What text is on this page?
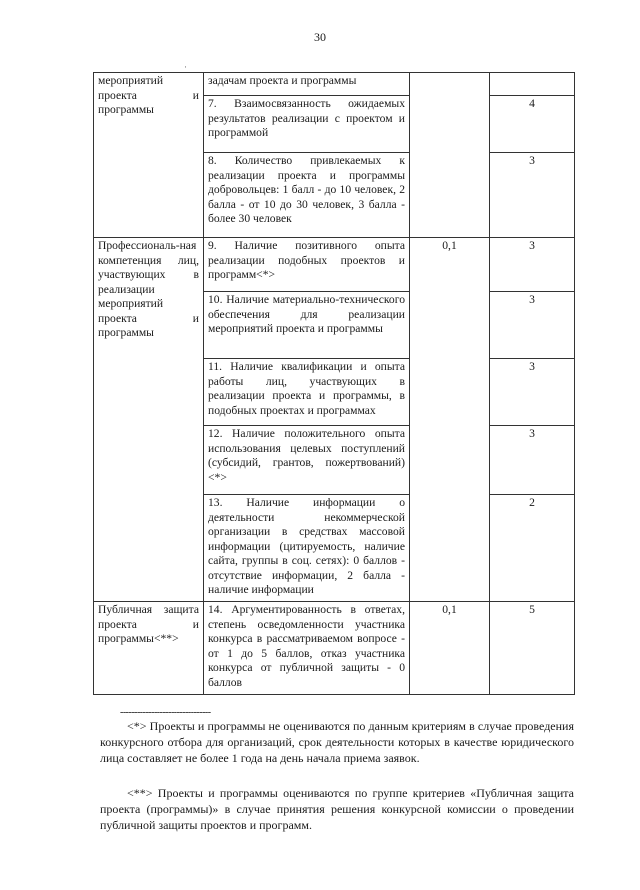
30
·
мероприятий проекта и программы	задачам проекта и программы		
	7. Взаимосвязанность ожидаемых результатов реализации с проектом и программой		4
	8. Количество привлекаемых к реализации проекта и программы добровольцев: 1 балл - до 10 человек, 2 балла - от 10 до 30 человек, 3 балла - более 30 человек		3
Профессиональ-ная компетенция лиц, участвующих в реализации мероприятий проекта и программы	9. Наличие позитивного опыта реализации подобных проектов и программ<*>	0,1	3
	10. Наличие материально-технического обеспечения для реализации мероприятий проекта и программы		3
	11. Наличие квалификации и опыта работы лиц, участвующих в реализации проекта и программы, в подобных проектах и программах		3
	12. Наличие положительного опыта использования целевых поступлений (субсидий, грантов, пожертвований)<*>		3
	13. Наличие информации о деятельности некоммерческой организации в средствах массовой информации (цитируемость, наличие сайта, группы в соц. сетях): 0 баллов - отсутствие информации, 2 балла - наличие информации		2
Публичная защита проекта и программы<**>	14. Аргументированность в ответах, степень осведомленности участника конкурса в рассматриваемом вопросе - от 1 до 5 баллов, отказ участника конкурса от публичной защиты - 0 баллов	0,1	5
--------------------------------

<*> Проекты и программы не оцениваются по данным критериям в случае проведения конкурсного отбора для организаций, срок деятельности которых в качестве юридического лица составляет не более 1 года на день начала приема заявок.

<**> Проекты и программы оцениваются по группе критериев «Публичная защита проекта (программы)» в случае принятия решения конкурсной комиссии о проведении публичной защиты проектов и программ.
